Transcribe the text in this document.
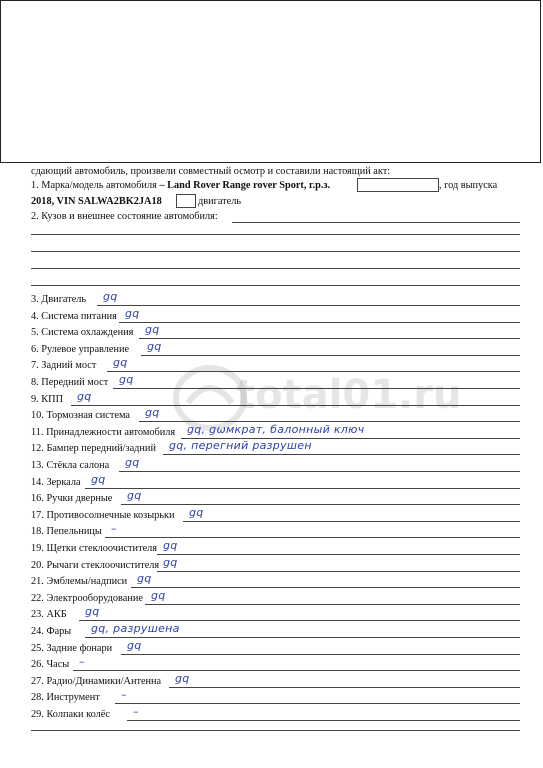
сдающий автомобиль, произвели совместный осмотр и составили настоящий акт:
1. Марка/модель автомобиля – Land Rover Range rover Sport, г.р.з.	, год выпуска
2018, VIN SALWA2BK2JA18	двигатель
2. Кузов и внешнее состояние автомобиля:
total01.ru
3. Двигатель gq
4. Система питания gq
5. Система охлаждения gq
6. Рулевое управление gq
7. Задний мост gq
8. Передний мост gq
9. КПП gq
10. Тормозная система gq
11. Принадлежности автомобиля gq, gѡмкрат, балонный ключ
12. Бампер передний/задний gq, перегний разрушен
13. Стёкла салона gq
14. Зеркала gq
16. Ручки дверные gq
17. Противосолнечные козырьки gq
18. Пепельницы –
19. Щетки стеклоочистителя gq
20. Рычаги стеклоочистителя gq
21. Эмблемы/надписи gq
22. Электрооборудование gq
23. АКБ gq
24. Фары gq, разрушена
25. Задние фонари gq
26. Часы –
27. Радио/Динамики/Антенна gq
28. Инструмент –
29. Колпаки колёс –
